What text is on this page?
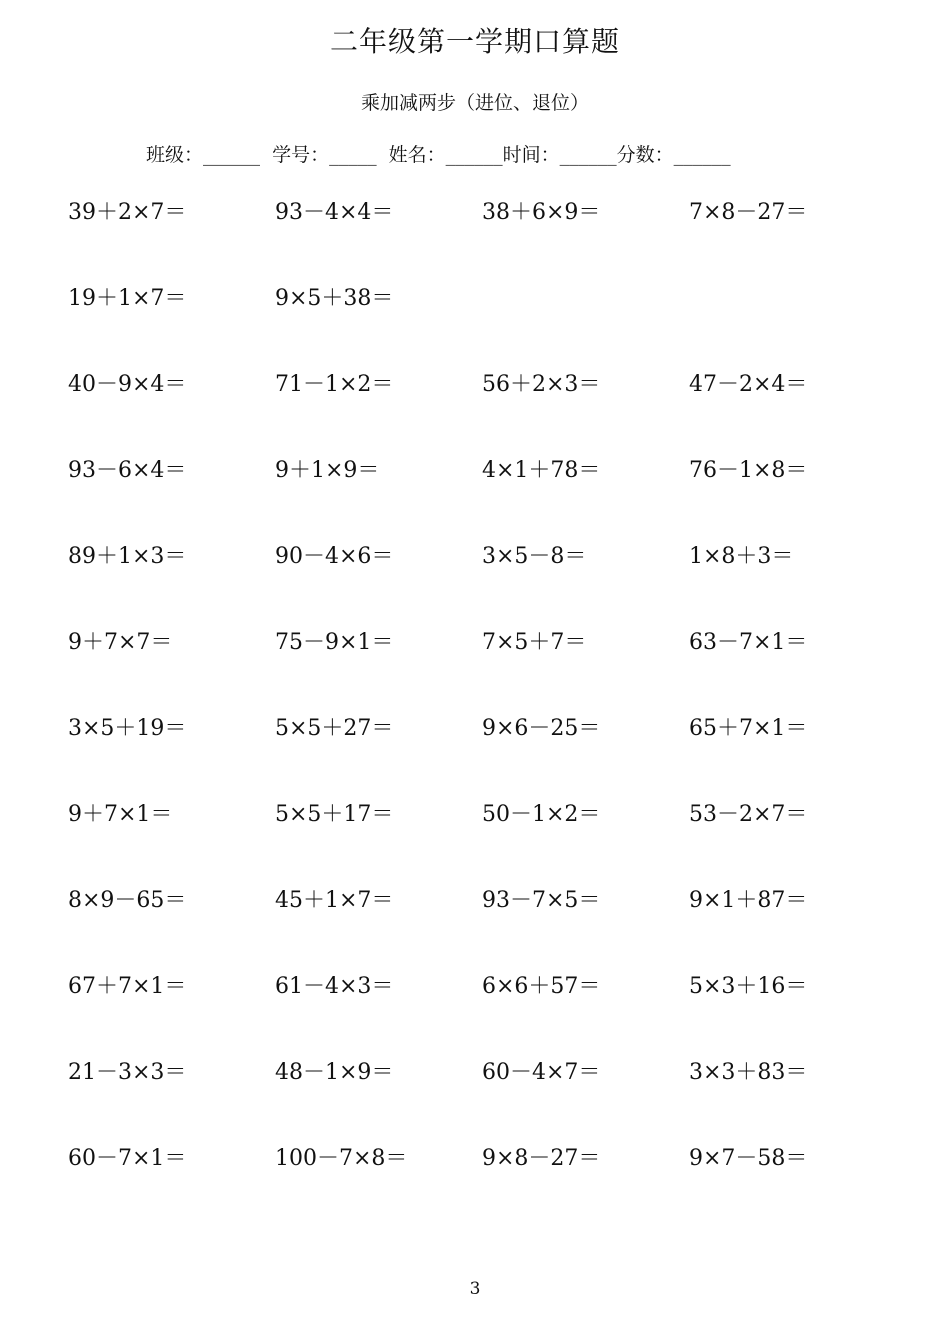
二年级第一学期口算题
乘加减两步（进位、退位）
班级：______  学号：_____  姓名：______时间：______分数：______
39＋2×7＝	93－4×4＝	38＋6×9＝	7×8－27＝
19＋1×7＝	9×5＋38＝
40－9×4＝	71－1×2＝	56＋2×3＝	47－2×4＝
93－6×4＝	9＋1×9＝	4×1＋78＝	76－1×8＝
89＋1×3＝	90－4×6＝	3×5－8＝	1×8＋3＝
9＋7×7＝	75－9×1＝	7×5＋7＝	63－7×1＝
3×5＋19＝	5×5＋27＝	9×6－25＝	65＋7×1＝
9＋7×1＝	5×5＋17＝	50－1×2＝	53－2×7＝
8×9－65＝	45＋1×7＝	93－7×5＝	9×1＋87＝
67＋7×1＝	61－4×3＝	6×6＋57＝	5×3＋16＝
21－3×3＝	48－1×9＝	60－4×7＝	3×3＋83＝
60－7×1＝	100－7×8＝	9×8－27＝	9×7－58＝
3
